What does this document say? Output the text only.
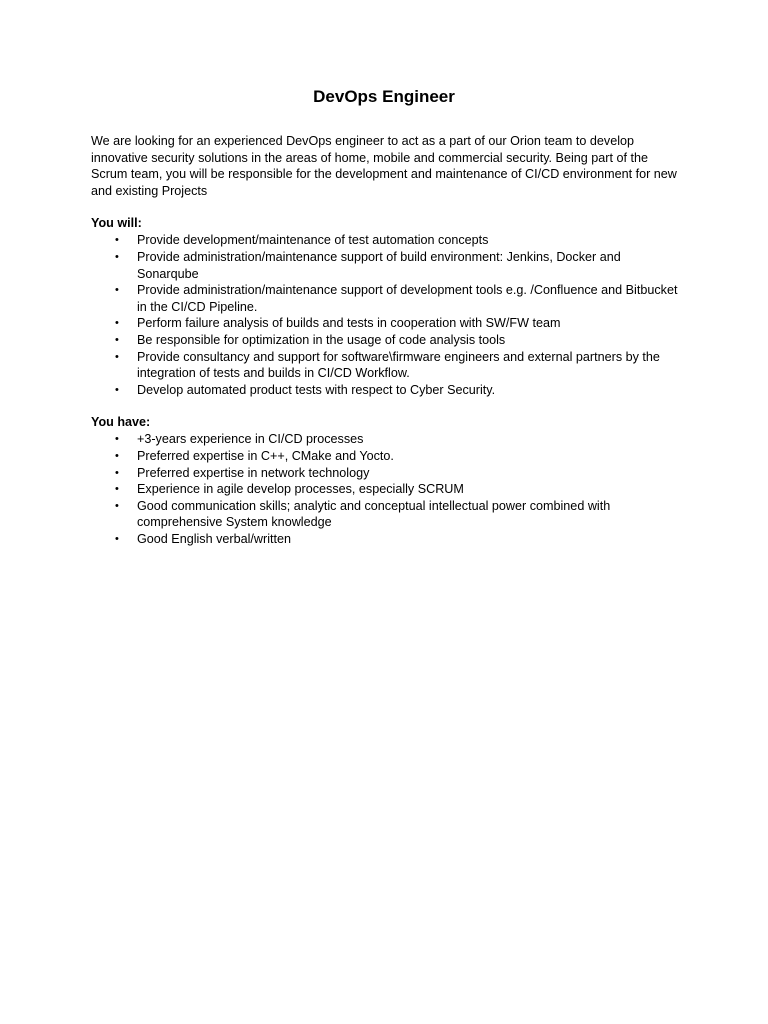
DevOps Engineer

We are looking for an experienced DevOps engineer to act as a part of our Orion team to develop innovative security solutions in the areas of home, mobile and commercial security. Being part of the Scrum team, you will be responsible for the development and maintenance of CI/CD environment for new and existing Projects

You will:
• Provide development/maintenance of test automation concepts
• Provide administration/maintenance support of build environment: Jenkins, Docker and Sonarqube
• Provide administration/maintenance support of development tools e.g. /Confluence and Bitbucket in the CI/CD Pipeline.
• Perform failure analysis of builds and tests in cooperation with SW/FW team
• Be responsible for optimization in the usage of code analysis tools
• Provide consultancy and support for software\firmware engineers and external partners by the integration of tests and builds in CI/CD Workflow.
• Develop automated product tests with respect to Cyber Security.
You have:
• +3-years experience in CI/CD processes
• Preferred expertise in C++, CMake and Yocto.
• Preferred expertise in network technology
• Experience in agile develop processes, especially SCRUM
• Good communication skills; analytic and conceptual intellectual power combined with comprehensive System knowledge
• Good English verbal/written
